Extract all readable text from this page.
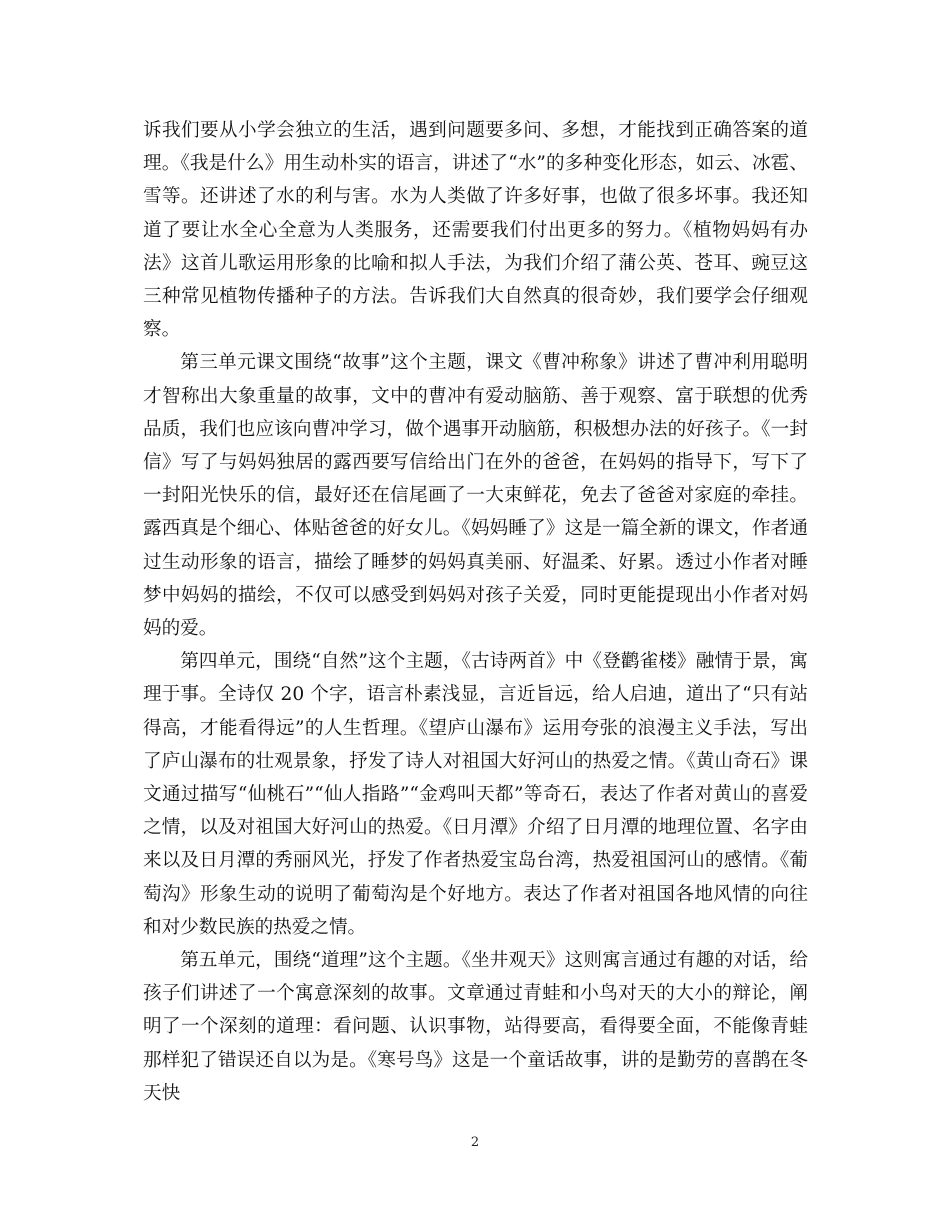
诉我们要从小学会独立的生活，遇到问题要多问、多想，才能找到正确答案的道理。《我是什么》用生动朴实的语言，讲述了“水”的多种变化形态，如云、冰雹、雪等。还讲述了水的利与害。水为人类做了许多好事，也做了很多坏事。我还知道了要让水全心全意为人类服务，还需要我们付出更多的努力。《植物妈妈有办法》这首儿歌运用形象的比喻和拟人手法，为我们介绍了蒲公英、苍耳、豌豆这三种常见植物传播种子的方法。告诉我们大自然真的很奇妙，我们要学会仔细观察。

第三单元课文围绕“故事”这个主题，课文《曹冲称象》讲述了曹冲利用聪明才智称出大象重量的故事，文中的曹冲有爱动脑筋、善于观察、富于联想的优秀品质，我们也应该向曹冲学习，做个遇事开动脑筋，积极想办法的好孩子。《一封信》写了与妈妈独居的露西要写信给出门在外的爸爸，在妈妈的指导下，写下了一封阳光快乐的信，最好还在信尾画了一大束鲜花，免去了爸爸对家庭的牵挂。露西真是个细心、体贴爸爸的好女儿。《妈妈睡了》这是一篇全新的课文，作者通过生动形象的语言，描绘了睡梦的妈妈真美丽、好温柔、好累。透过小作者对睡梦中妈妈的描绘，不仅可以感受到妈妈对孩子关爱，同时更能提现出小作者对妈妈的爱。

第四单元，围绕“自然”这个主题，《古诗两首》中《登鹳雀楼》融情于景，寓理于事。全诗仅 20 个字，语言朴素浅显，言近旨远，给人启迪，道出了“只有站得高，才能看得远”的人生哲理。《望庐山瀑布》运用夸张的浪漫主义手法，写出了庐山瀑布的壮观景象，抒发了诗人对祖国大好河山的热爱之情。《黄山奇石》课文通过描写“仙桃石”“仙人指路”“金鸡叫天都”等奇石，表达了作者对黄山的喜爱之情，以及对祖国大好河山的热爱。《日月潭》介绍了日月潭的地理位置、名字由来以及日月潭的秀丽风光，抒发了作者热爱宝岛台湾，热爱祖国河山的感情。《葡萄沟》形象生动的说明了葡萄沟是个好地方。表达了作者对祖国各地风情的向往和对少数民族的热爱之情。

第五单元，围绕“道理”这个主题。《坐井观天》这则寓言通过有趣的对话，给孩子们讲述了一个寓意深刻的故事。文章通过青蛙和小鸟对天的大小的辩论，阐明了一个深刻的道理：看问题、认识事物，站得要高，看得要全面，不能像青蛙那样犯了错误还自以为是。《寒号鸟》这是一个童话故事，讲的是勤劳的喜鹊在冬天快

2
